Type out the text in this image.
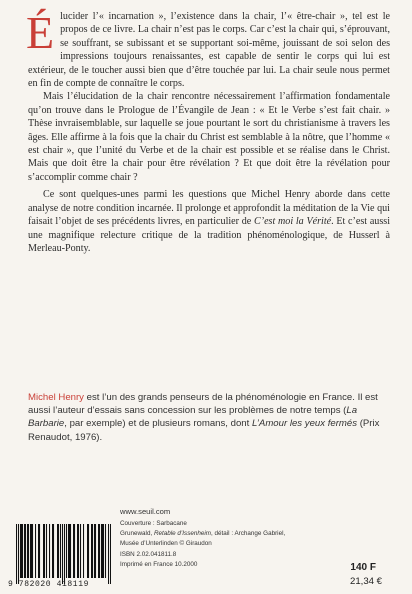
Élucider l’« incarnation », l’existence dans la chair, l’« être-chair », tel est le propos de ce livre. La chair n’est pas le corps. Car c’est la chair qui, s’éprouvant, se souffrant, se subissant et se supportant soi-même, jouissant de soi selon des impressions toujours renaissantes, est capable de sentir le corps qui lui est extérieur, de le toucher aussi bien que d’être touchée par lui. La chair seule nous permet en fin de compte de connaître le corps.

Mais l’élucidation de la chair rencontre nécessairement l’affirmation fondamentale qu’on trouve dans le Prologue de l’Évangile de Jean : « Et le Verbe s’est fait chair. » Thèse invraisemblable, sur laquelle se joue pourtant le sort du christianisme à travers les âges. Elle affirme à la fois que la chair du Christ est semblable à la nôtre, que l’homme « est chair », que l’unité du Verbe et de la chair est possible et se réalise dans le Christ. Mais que doit être la chair pour être révélation ? Et que doit être la révélation pour s’accomplir comme chair ?

Ce sont quelques-unes parmi les questions que Michel Henry aborde dans cette analyse de notre condition incarnée. Il prolonge et approfondit la méditation de la Vie qui faisait l’objet de ses précédents livres, en particulier de C’est moi la Vérité. Et c’est aussi une magnifique relecture critique de la tradition phénoménologique, de Husserl à Merleau-Ponty.

Michel Henry est l’un des grands penseurs de la phénoménologie en France. Il est aussi l’auteur d’essais sans concession sur les problèmes de notre temps (La Barbarie, par exemple) et de plusieurs romans, dont L’Amour les yeux fermés (Prix Renaudot, 1976).
www.seuil.com
Couverture : Sarbacane
Grunewald, Retable d’Issenheim, détail : Archange Gabriel,
Musée d’Unterlinden © Giraudon
ISBN 2.02.041811.8
Imprimé en France 10.2000
9 782020 418119
140 F
21,34 €
